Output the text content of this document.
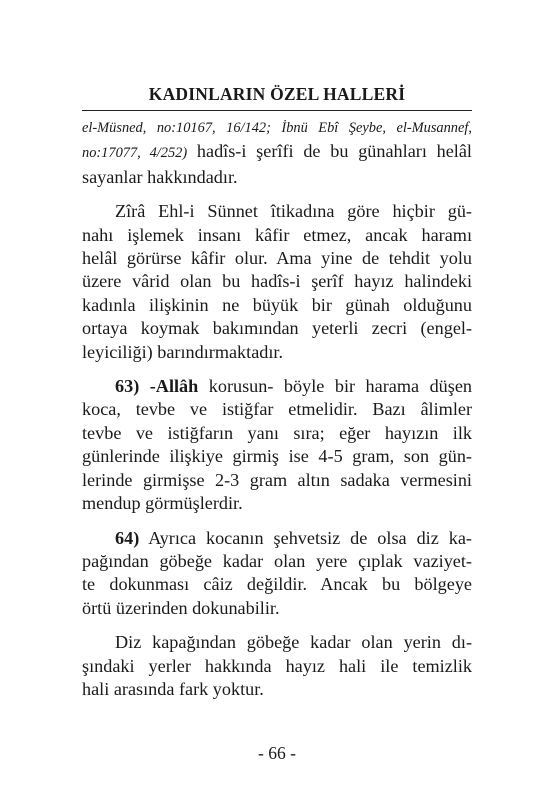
KADINLARIN ÖZEL HALLERİ
el-Müsned, no:10167, 16/142; İbnü Ebî Şeybe, el-Musannef,
no:17077, 4/252) hadîs-i şerîfi de bu günahları helâl
sayanlar hakkındadır.
Zîrâ Ehl-i Sünnet îtikadına göre hiçbir gü-
nahı işlemek insanı kâfir etmez, ancak haramı
helâl görürse kâfir olur. Ama yine de tehdit yolu
üzere vârid olan bu hadîs-i şerîf hayız halindeki
kadınla ilişkinin ne büyük bir günah olduğunu
ortaya koymak bakımından yeterli zecri (engel-
leyiciliği) barındırmaktadır.
63) -Allâh korusun- böyle bir harama düşen
koca, tevbe ve istiğfar etmelidir. Bazı âlimler
tevbe ve istiğfarın yanı sıra; eğer hayızın ilk
günlerinde ilişkiye girmiş ise 4-5 gram, son gün-
lerinde girmişse 2-3 gram altın sadaka vermesini
mendup görmüşlerdir.
64) Ayrıca kocanın şehvetsiz de olsa diz ka-
pağından göbeğe kadar olan yere çıplak vaziyet-
te dokunması câiz değildir. Ancak bu bölgeye
örtü üzerinden dokunabilir.
Diz kapağından göbeğe kadar olan yerin dı-
şındaki yerler hakkında hayız hali ile temizlik
hali arasında fark yoktur.
- 66 -
